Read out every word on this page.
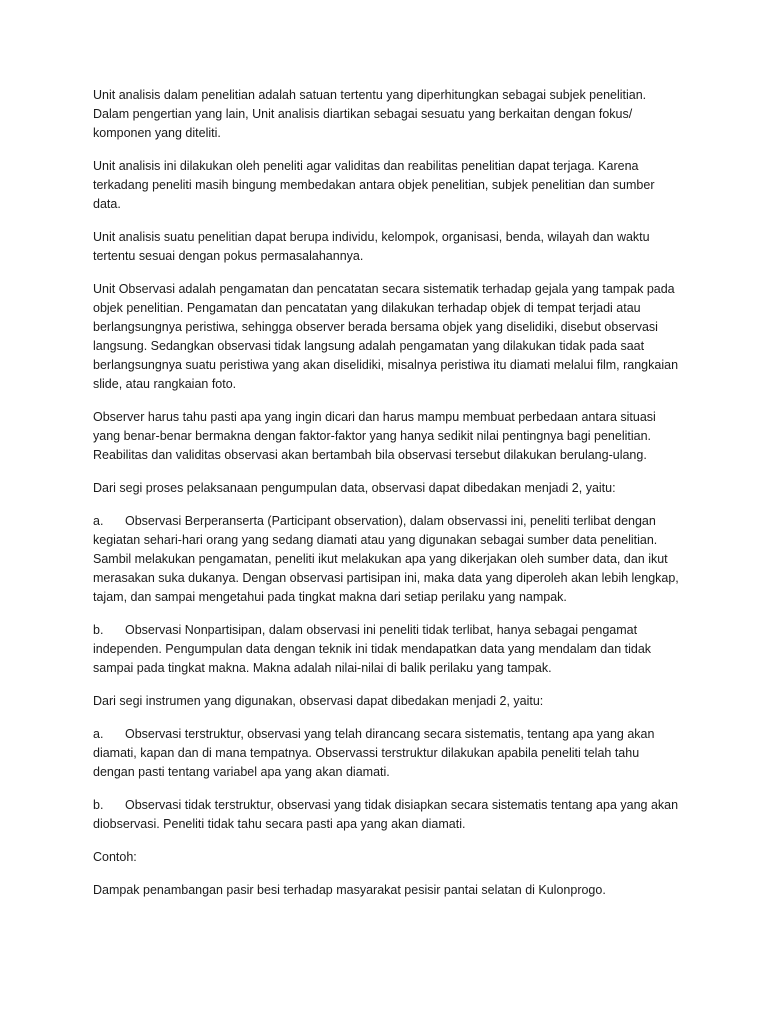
Unit analisis dalam penelitian adalah satuan tertentu yang diperhitungkan sebagai subjek penelitian. Dalam pengertian yang lain, Unit analisis diartikan sebagai sesuatu yang berkaitan dengan fokus/ komponen yang diteliti.

Unit analisis ini dilakukan oleh peneliti agar validitas dan reabilitas penelitian dapat terjaga. Karena terkadang peneliti masih bingung membedakan antara objek penelitian, subjek penelitian dan sumber data.

Unit analisis suatu penelitian dapat berupa individu, kelompok, organisasi, benda, wilayah dan waktu tertentu sesuai dengan pokus permasalahannya.

Unit Observasi adalah pengamatan dan pencatatan secara sistematik terhadap gejala yang tampak pada objek penelitian. Pengamatan dan pencatatan yang dilakukan terhadap objek di tempat terjadi atau berlangsungnya peristiwa, sehingga observer berada bersama objek yang diselidiki, disebut observasi langsung. Sedangkan observasi tidak langsung adalah pengamatan yang dilakukan tidak pada saat berlangsungnya suatu peristiwa yang akan diselidiki, misalnya peristiwa itu diamati melalui film, rangkaian slide, atau rangkaian foto.

Observer harus tahu pasti apa yang ingin dicari dan harus mampu membuat perbedaan antara situasi yang benar-benar bermakna dengan faktor-faktor yang hanya sedikit nilai pentingnya bagi penelitian. Reabilitas dan validitas observasi akan bertambah bila observasi tersebut dilakukan berulang-ulang.

Dari segi proses pelaksanaan pengumpulan data, observasi dapat dibedakan menjadi 2, yaitu:

a. Observasi Berperanserta (Participant observation), dalam observassi ini, peneliti terlibat dengan kegiatan sehari-hari orang yang sedang diamati atau yang digunakan sebagai sumber data penelitian. Sambil melakukan pengamatan, peneliti ikut melakukan apa yang dikerjakan oleh sumber data, dan ikut merasakan suka dukanya. Dengan observasi partisipan ini, maka data yang diperoleh akan lebih lengkap, tajam, dan sampai mengetahui pada tingkat makna dari setiap perilaku yang nampak.

b. Observasi Nonpartisipan, dalam observasi ini peneliti tidak terlibat, hanya sebagai pengamat independen. Pengumpulan data dengan teknik ini tidak mendapatkan data yang mendalam dan tidak sampai pada tingkat makna. Makna adalah nilai-nilai di balik perilaku yang tampak.

Dari segi instrumen yang digunakan, observasi dapat dibedakan menjadi 2, yaitu:

a. Observasi terstruktur, observasi yang telah dirancang secara sistematis, tentang apa yang akan diamati, kapan dan di mana tempatnya. Observassi terstruktur dilakukan apabila peneliti telah tahu dengan pasti tentang variabel apa yang akan diamati.

b. Observasi tidak terstruktur, observasi yang tidak disiapkan secara sistematis tentang apa yang akan diobservasi. Peneliti tidak tahu secara pasti apa yang akan diamati.

Contoh:

Dampak penambangan pasir besi terhadap masyarakat pesisir pantai selatan di Kulonprogo.
